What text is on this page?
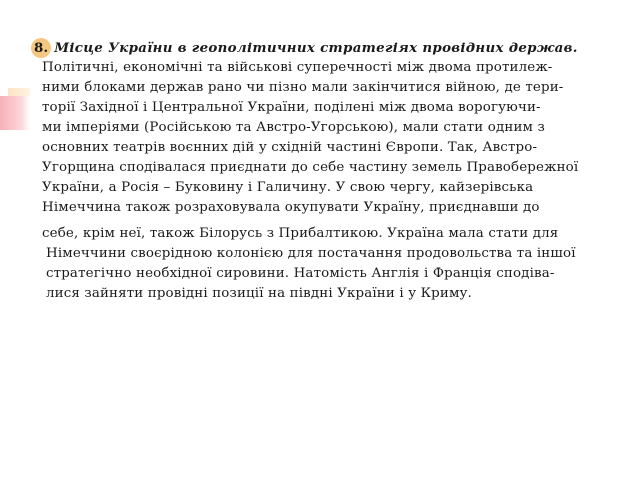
8. Місце України в геополітичних стратегіях провідних держав.
Політичні, економічні та військові суперечності між двома протилеж-
ними блоками держав рано чи пізно мали закінчитися війною, де тери-
торії Західної і Центральної України, поділені між двома ворогуючи-
ми імперіями (Російською та Австро-Угорською), мали стати одним з
основних театрів воєнних дій у східній частині Європи. Так, Австро-
Угорщина сподівалася приєднати до себе частину земель Правобережної
України, а Росія – Буковину і Галичину. У свою чергу, кайзерівська
Німеччина також розраховувала окупувати Україну, приєднавши до
себе, крім неї, також Білорусь з Прибалтикою. Україна мала стати для
Німеччини своєрідною колонією для постачання продовольства та іншої
стратегічно необхідної сировини. Натомість Англія і Франція сподіва-
лися зайняти провідні позиції на півдні України і у Криму.
